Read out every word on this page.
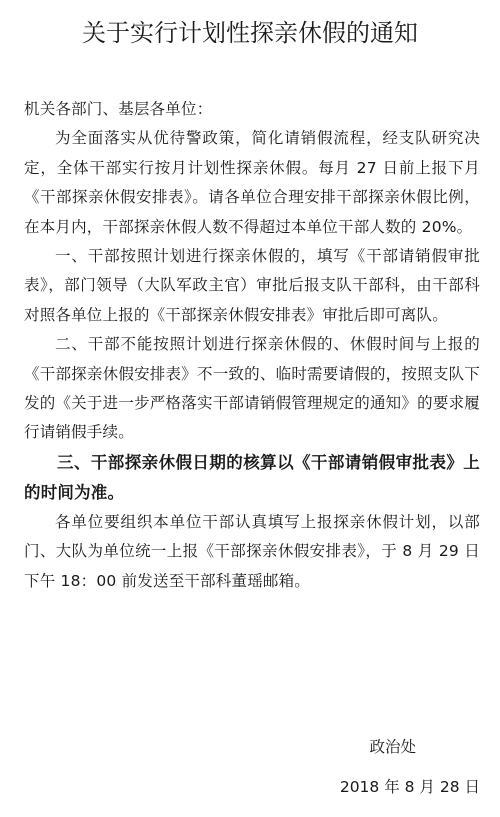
关于实行计划性探亲休假的通知

机关各部门、基层各单位：

为全面落实从优待警政策，简化请销假流程，经支队研究决定，全体干部实行按月计划性探亲休假。每月 27 日前上报下月《干部探亲休假安排表》。请各单位合理安排干部探亲休假比例，在本月内，干部探亲休假人数不得超过本单位干部人数的 20%。

一、干部按照计划进行探亲休假的，填写《干部请销假审批表》，部门领导（大队军政主官）审批后报支队干部科，由干部科对照各单位上报的《干部探亲休假安排表》审批后即可离队。

二、干部不能按照计划进行探亲休假的、休假时间与上报的《干部探亲休假安排表》不一致的、临时需要请假的，按照支队下发的《关于进一步严格落实干部请销假管理规定的通知》的要求履行请销假手续。

三、干部探亲休假日期的核算以《干部请销假审批表》上的时间为准。

各单位要组织本单位干部认真填写上报探亲休假计划，以部门、大队为单位统一上报《干部探亲休假安排表》，于 8 月 29 日下午 18：00 前发送至干部科董瑶邮箱。

政治处
2018 年 8 月 28 日
